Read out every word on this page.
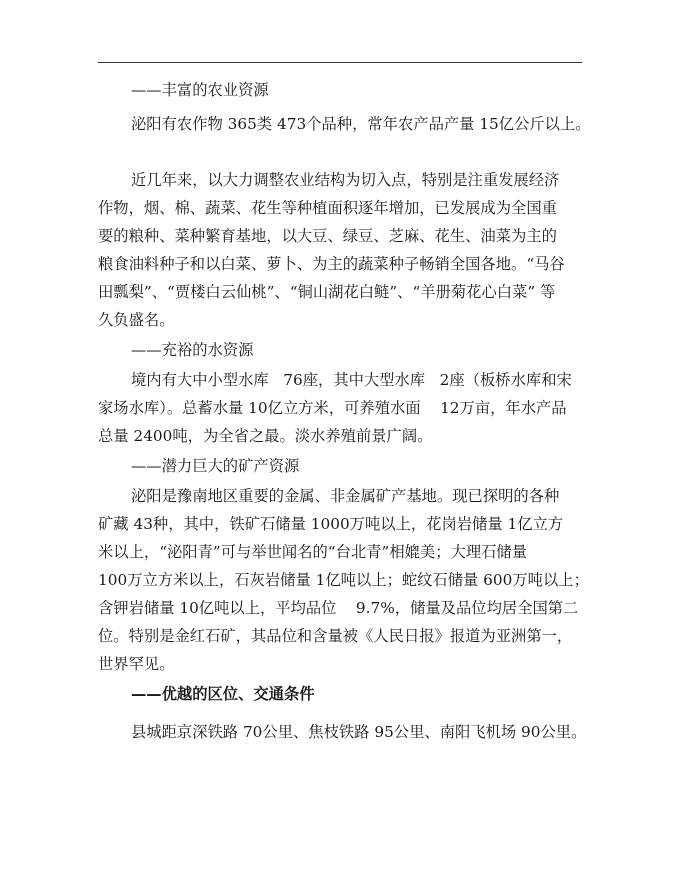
——丰富的农业资源

泌阳有农作物 365类 473个品种，常年农产品产量 15亿公斤以上。

近几年来，以大力调整农业结构为切入点，特别是注重发展经济

作物，烟、棉、蔬菜、花生等种植面积逐年增加，已发展成为全国重

要的粮种、菜种繁育基地，以大豆、绿豆、芝麻、花生、油菜为主的

粮食油料种子和以白菜、萝卜、为主的蔬菜种子畅销全国各地。“马谷

田瓢梨”、“贾楼白云仙桃”、“铜山湖花白鲢”、“羊册菊花心白菜” 等

久负盛名。

——充裕的水资源

境内有大中小型水库   76座，其中大型水库   2座（板桥水库和宋

家场水库）。总蓄水量 10亿立方米，可养殖水面    12万亩，年水产品

总量 2400吨，为全省之最。淡水养殖前景广阔。

——潜力巨大的矿产资源

泌阳是豫南地区重要的金属、非金属矿产基地。现已探明的各种

矿藏 43种，其中，铁矿石储量 1000万吨以上，花岗岩储量 1亿立方

米以上，“泌阳青”可与举世闻名的“台北青”相媲美；大理石储量

100万立方米以上，石灰岩储量 1亿吨以上；蛇纹石储量 600万吨以上；

含钾岩储量 10亿吨以上，平均品位    9.7%，储量及品位均居全国第二

位。特别是金红石矿，其品位和含量被《人民日报》报道为亚洲第一，

世界罕见。

——优越的区位、交通条件

县城距京深铁路 70公里、焦枝铁路 95公里、南阳飞机场 90公里。
